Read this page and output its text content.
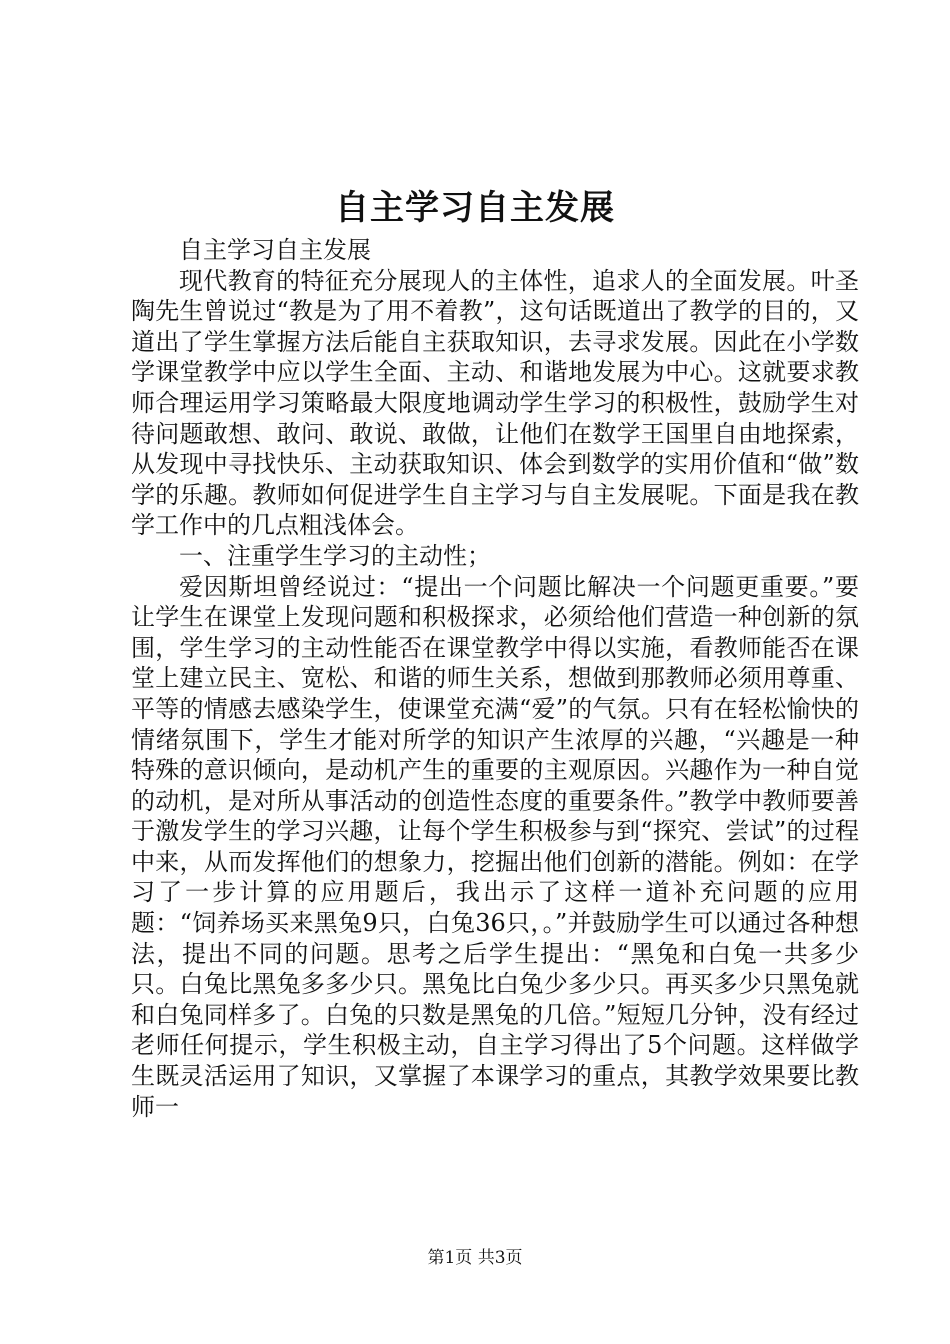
自主学习自主发展

自主学习自主发展

现代教育的特征充分展现人的主体性，追求人的全面发展。叶圣陶先生曾说过“教是为了用不着教”，这句话既道出了教学的目的，又道出了学生掌握方法后能自主获取知识，去寻求发展。因此在小学数学课堂教学中应以学生全面、主动、和谐地发展为中心。这就要求教师合理运用学习策略最大限度地调动学生学习的积极性，鼓励学生对待问题敢想、敢问、敢说、敢做，让他们在数学王国里自由地探索，从发现中寻找快乐、主动获取知识、体会到数学的实用价值和“做”数学的乐趣。教师如何促进学生自主学习与自主发展呢。下面是我在教学工作中的几点粗浅体会。

一、注重学生学习的主动性；

爱因斯坦曾经说过：“提出一个问题比解决一个问题更重要。”要让学生在课堂上发现问题和积极探求，必须给他们营造一种创新的氛围，学生学习的主动性能否在课堂教学中得以实施，看教师能否在课堂上建立民主、宽松、和谐的师生关系，想做到那教师必须用尊重、平等的情感去感染学生，使课堂充满“爱”的气氛。只有在轻松愉快的情绪氛围下，学生才能对所学的知识产生浓厚的兴趣，“兴趣是一种特殊的意识倾向，是动机产生的重要的主观原因。兴趣作为一种自觉的动机，是对所从事活动的创造性态度的重要条件。”教学中教师要善于激发学生的学习兴趣，让每个学生积极参与到“探究、尝试”的过程中来，从而发挥他们的想象力，挖掘出他们创新的潜能。例如：在学习了一步计算的应用题后，我出示了这样一道补充问题的应用题：“饲养场买来黑兔9只，白兔36只，。”并鼓励学生可以通过各种想法，提出不同的问题。思考之后学生提出：“黑兔和白兔一共多少只。白兔比黑兔多多少只。黑兔比白兔少多少只。再买多少只黑兔就和白兔同样多了。白兔的只数是黑兔的几倍。”短短几分钟，没有经过老师任何提示，学生积极主动，自主学习得出了5个问题。这样做学生既灵活运用了知识，又掌握了本课学习的重点，其教学效果要比教师一

第1页 共3页
